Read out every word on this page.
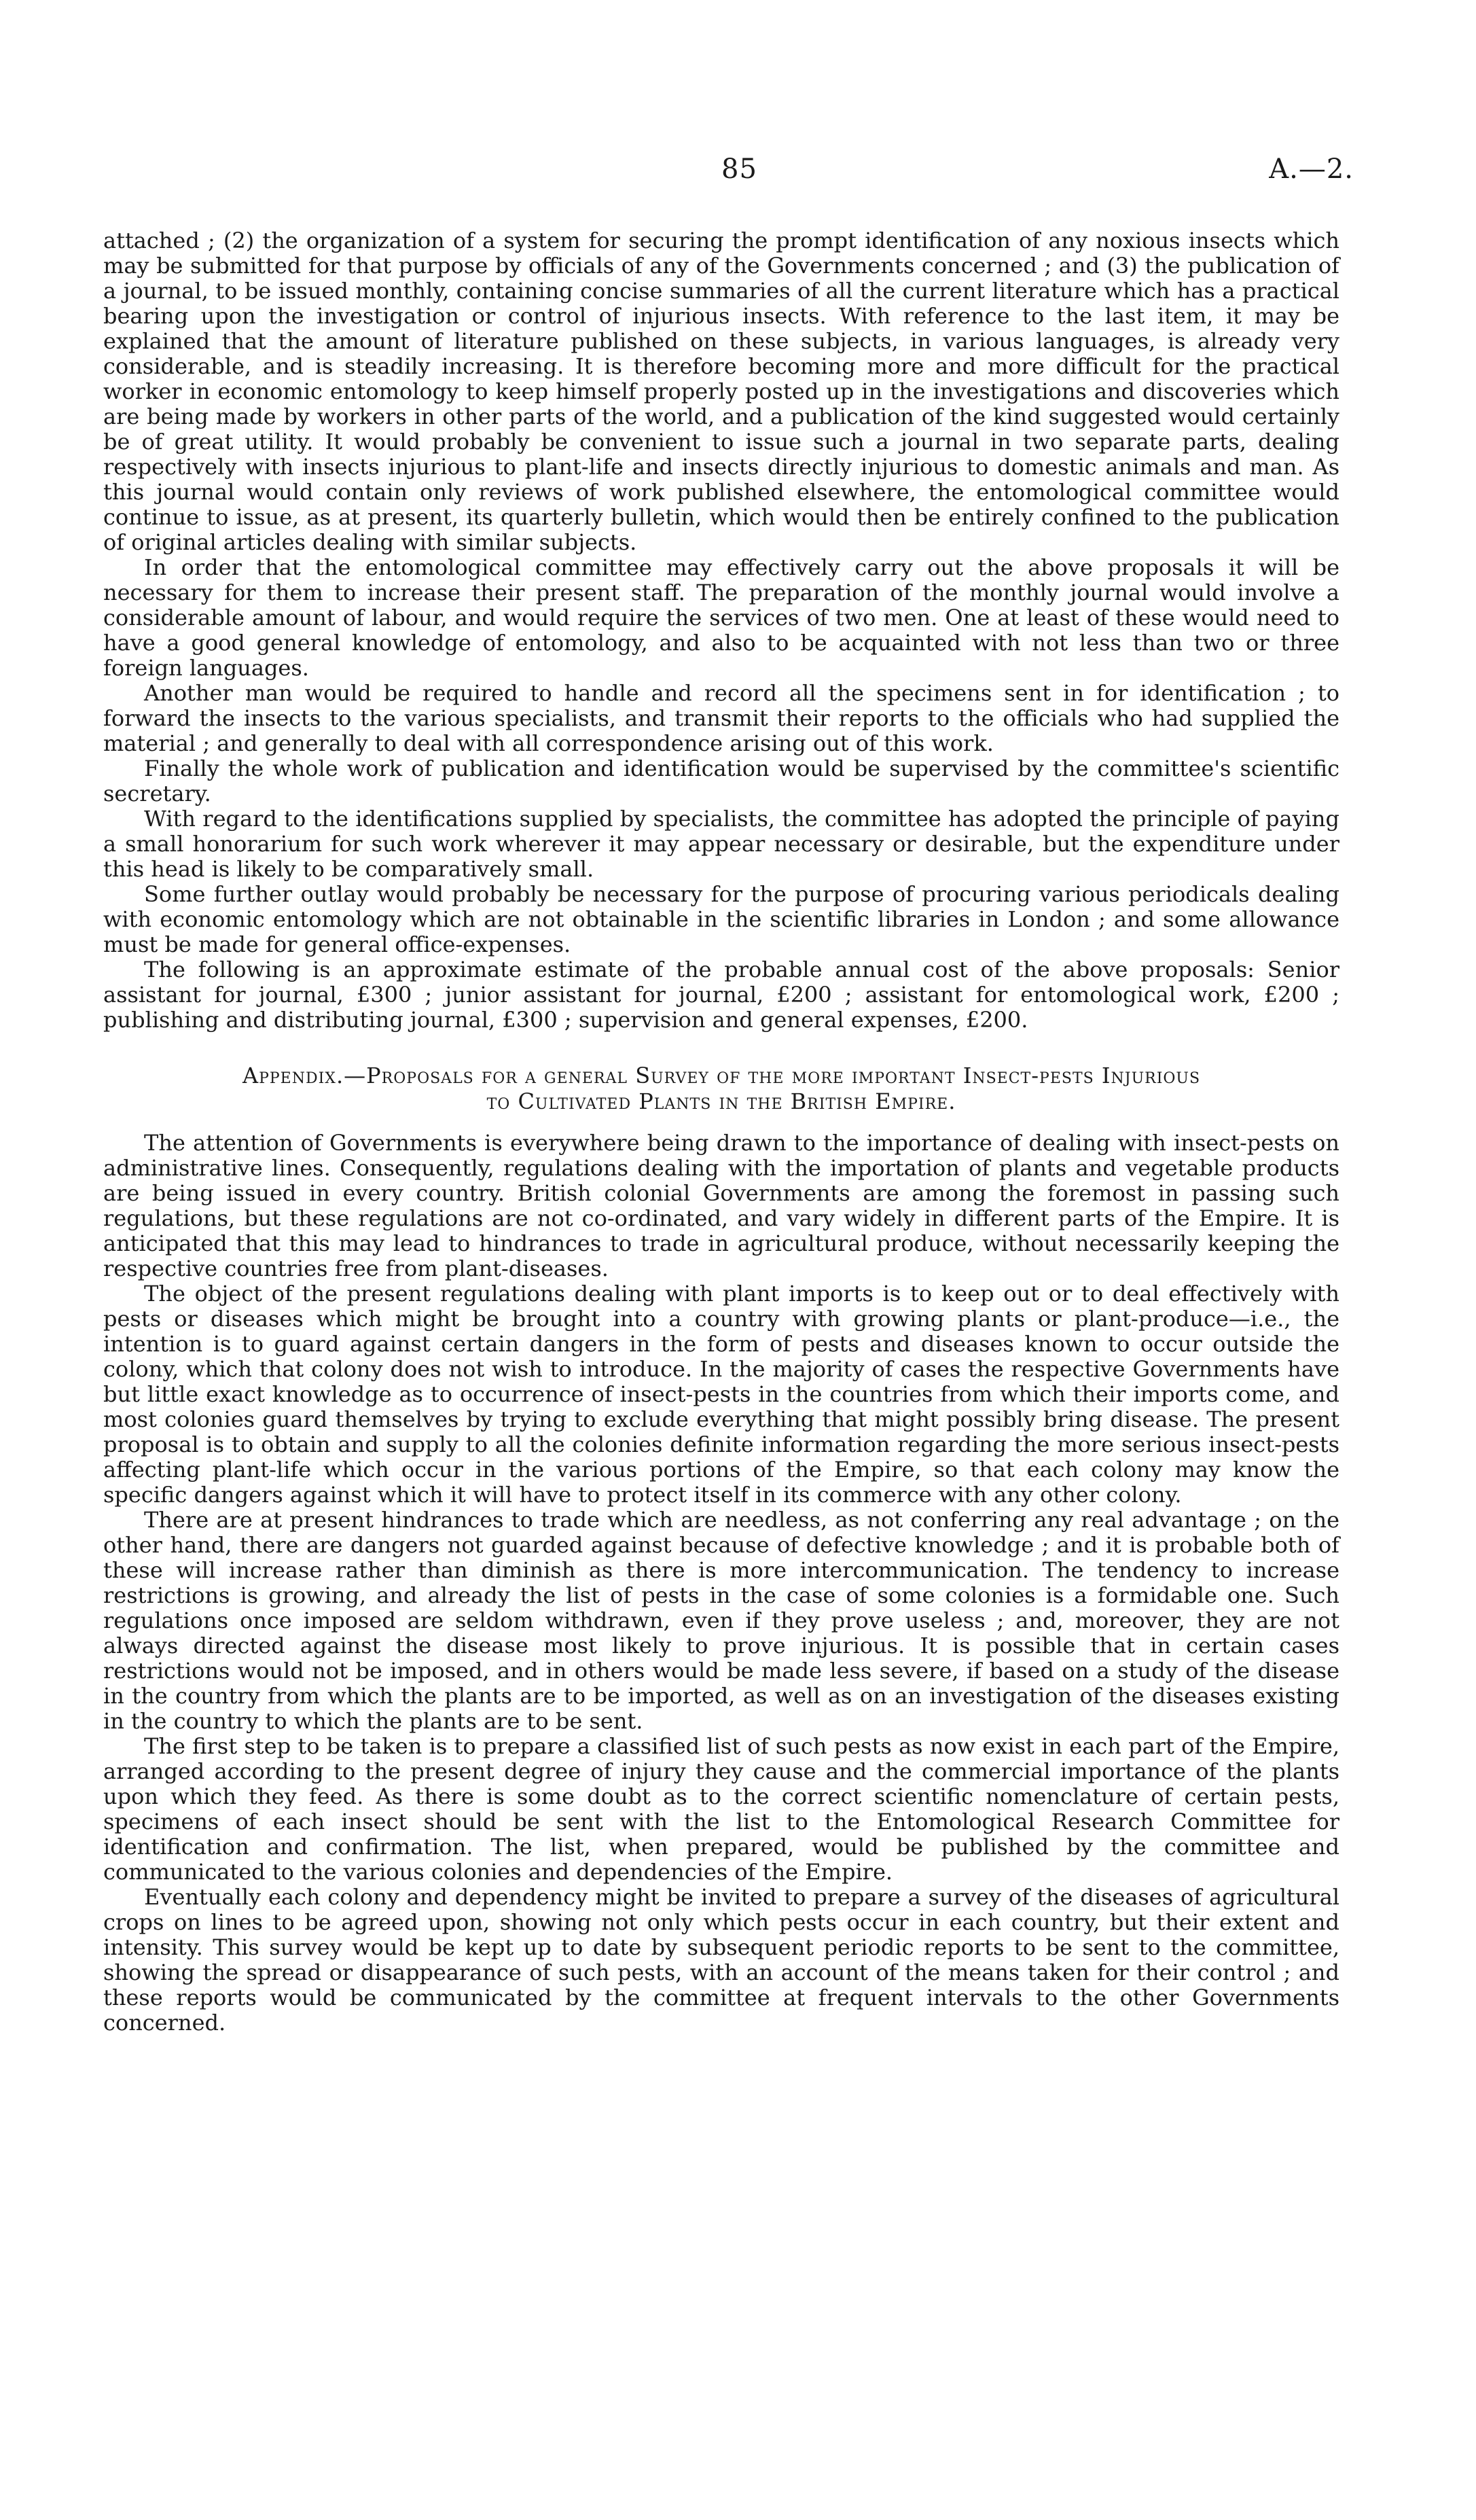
85	A.—2.

attached ; (2) the organization of a system for securing the prompt identification of any noxious insects which may be submitted for that purpose by officials of any of the Governments concerned ; and (3) the publication of a journal, to be issued monthly, containing concise summaries of all the current literature which has a practical bearing upon the investigation or control of injurious insects. With reference to the last item, it may be explained that the amount of literature published on these subjects, in various languages, is already very considerable, and is steadily increasing. It is therefore becoming more and more difficult for the practical worker in economic entomology to keep himself properly posted up in the investigations and discoveries which are being made by workers in other parts of the world, and a publication of the kind suggested would certainly be of great utility. It would probably be convenient to issue such a journal in two separate parts, dealing respectively with insects injurious to plant-life and insects directly injurious to domestic animals and man. As this journal would contain only reviews of work published elsewhere, the entomological committee would continue to issue, as at present, its quarterly bulletin, which would then be entirely confined to the publication of original articles dealing with similar subjects.

In order that the entomological committee may effectively carry out the above proposals it will be necessary for them to increase their present staff. The preparation of the monthly journal would involve a considerable amount of labour, and would require the services of two men. One at least of these would need to have a good general knowledge of entomology, and also to be acquainted with not less than two or three foreign languages.

Another man would be required to handle and record all the specimens sent in for identification ; to forward the insects to the various specialists, and transmit their reports to the officials who had supplied the material ; and generally to deal with all correspondence arising out of this work.

Finally the whole work of publication and identification would be supervised by the committee's scientific secretary.

With regard to the identifications supplied by specialists, the committee has adopted the principle of paying a small honorarium for such work wherever it may appear necessary or desirable, but the expenditure under this head is likely to be comparatively small.

Some further outlay would probably be necessary for the purpose of procuring various periodicals dealing with economic entomology which are not obtainable in the scientific libraries in London ; and some allowance must be made for general office-expenses.

The following is an approximate estimate of the probable annual cost of the above proposals: Senior assistant for journal, £300 ; junior assistant for journal, £200 ; assistant for entomological work, £200 ; publishing and distributing journal, £300 ; supervision and general expenses, £200.

Appendix.—Proposals for a general Survey of the more important Insect-pests Injurious
to Cultivated Plants in the British Empire.

The attention of Governments is everywhere being drawn to the importance of dealing with insect-pests on administrative lines. Consequently, regulations dealing with the importation of plants and vegetable products are being issued in every country. British colonial Governments are among the foremost in passing such regulations, but these regulations are not co-ordinated, and vary widely in different parts of the Empire. It is anticipated that this may lead to hindrances to trade in agricultural produce, without necessarily keeping the respective countries free from plant-diseases.

The object of the present regulations dealing with plant imports is to keep out or to deal effectively with pests or diseases which might be brought into a country with growing plants or plant-produce—i.e., the intention is to guard against certain dangers in the form of pests and diseases known to occur outside the colony, which that colony does not wish to introduce. In the majority of cases the respective Governments have but little exact knowledge as to occurrence of insect-pests in the countries from which their imports come, and most colonies guard themselves by trying to exclude everything that might possibly bring disease. The present proposal is to obtain and supply to all the colonies definite information regarding the more serious insect-pests affecting plant-life which occur in the various portions of the Empire, so that each colony may know the specific dangers against which it will have to protect itself in its commerce with any other colony.

There are at present hindrances to trade which are needless, as not conferring any real advantage ; on the other hand, there are dangers not guarded against because of defective knowledge ; and it is probable both of these will increase rather than diminish as there is more intercommunication. The tendency to increase restrictions is growing, and already the list of pests in the case of some colonies is a formidable one. Such regulations once imposed are seldom withdrawn, even if they prove useless ; and, moreover, they are not always directed against the disease most likely to prove injurious. It is possible that in certain cases restrictions would not be imposed, and in others would be made less severe, if based on a study of the disease in the country from which the plants are to be imported, as well as on an investigation of the diseases existing in the country to which the plants are to be sent.

The first step to be taken is to prepare a classified list of such pests as now exist in each part of the Empire, arranged according to the present degree of injury they cause and the commercial importance of the plants upon which they feed. As there is some doubt as to the correct scientific nomenclature of certain pests, specimens of each insect should be sent with the list to the Entomological Research Committee for identification and confirmation. The list, when prepared, would be published by the committee and communicated to the various colonies and dependencies of the Empire.

Eventually each colony and dependency might be invited to prepare a survey of the diseases of agricultural crops on lines to be agreed upon, showing not only which pests occur in each country, but their extent and intensity. This survey would be kept up to date by subsequent periodic reports to be sent to the committee, showing the spread or disappearance of such pests, with an account of the means taken for their control ; and these reports would be communicated by the committee at frequent intervals to the other Governments concerned.
